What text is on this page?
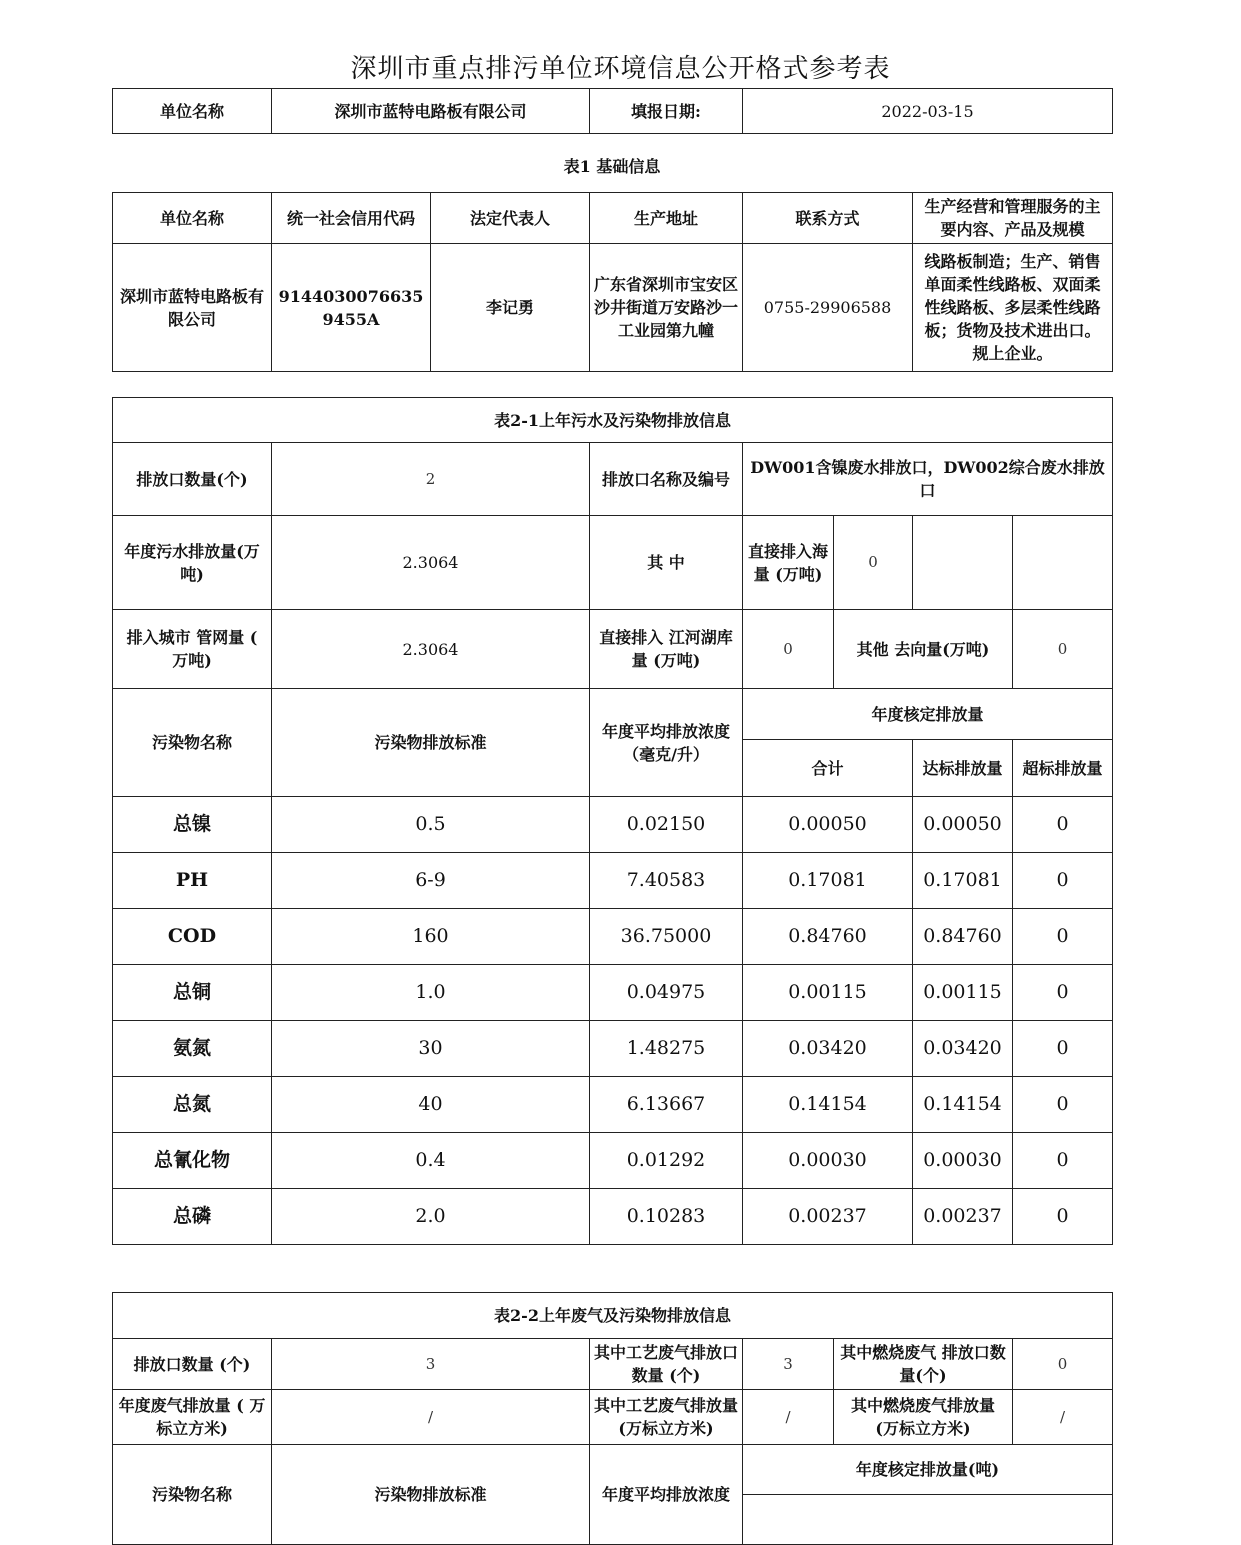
深圳市重点排污单位环境信息公开格式参考表
单位名称	深圳市蓝特电路板有限公司	填报日期:	2022-03-15
表1 基础信息
单位名称	统一社会信用代码	法定代表人	生产地址	联系方式	生产经营和管理服务的主要内容、产品及规模
深圳市蓝特电路板有限公司	91440300766359455A	李记勇	广东省深圳市宝安区沙井街道万安路沙一工业园第九幢	0755-29906588	线路板制造；生产、销售单面柔性线路板、双面柔性线路板、多层柔性线路板；货物及技术进出口。规上企业。
表2-1上年污水及污染物排放信息						
排放口数量(个)	2	排放口名称及编号	DW001含镍废水排放口，DW002综合废水排放口			
年度污水排放量(万吨)	2.3064	其 中	直接排入海量 (万吨)	0		
排入城市 管网量 ( 万吨)	2.3064	直接排入 江河湖库量 (万吨)	0	其他 去向量(万吨)		0
污染物名称	污染物排放标准	年度平均排放浓度（毫克/升）	年度核定排放量			
			合计		达标排放量	超标排放量
总镍	0.5	0.02150	0.00050		0.00050	0
PH	6-9	7.40583	0.17081		0.17081	0
COD	160	36.75000	0.84760		0.84760	0
总铜	1.0	0.04975	0.00115		0.00115	0
氨氮	30	1.48275	0.03420		0.03420	0
总氮	40	6.13667	0.14154		0.14154	0
总氰化物	0.4	0.01292	0.00030		0.00030	0
总磷	2.0	0.10283	0.00237		0.00237	0
表2-2上年废气及污染物排放信息					
排放口数量 (个)	3	其中工艺废气排放口数量 (个)	3	其中燃烧废气 排放口数量(个)	0
年度废气排放量 ( 万标立方米)	/	其中工艺废气排放量 (万标立方米)	/	其中燃烧废气排放量 (万标立方米)	/
污染物名称	污染物排放标准	年度平均排放浓度	年度核定排放量(吨)		
